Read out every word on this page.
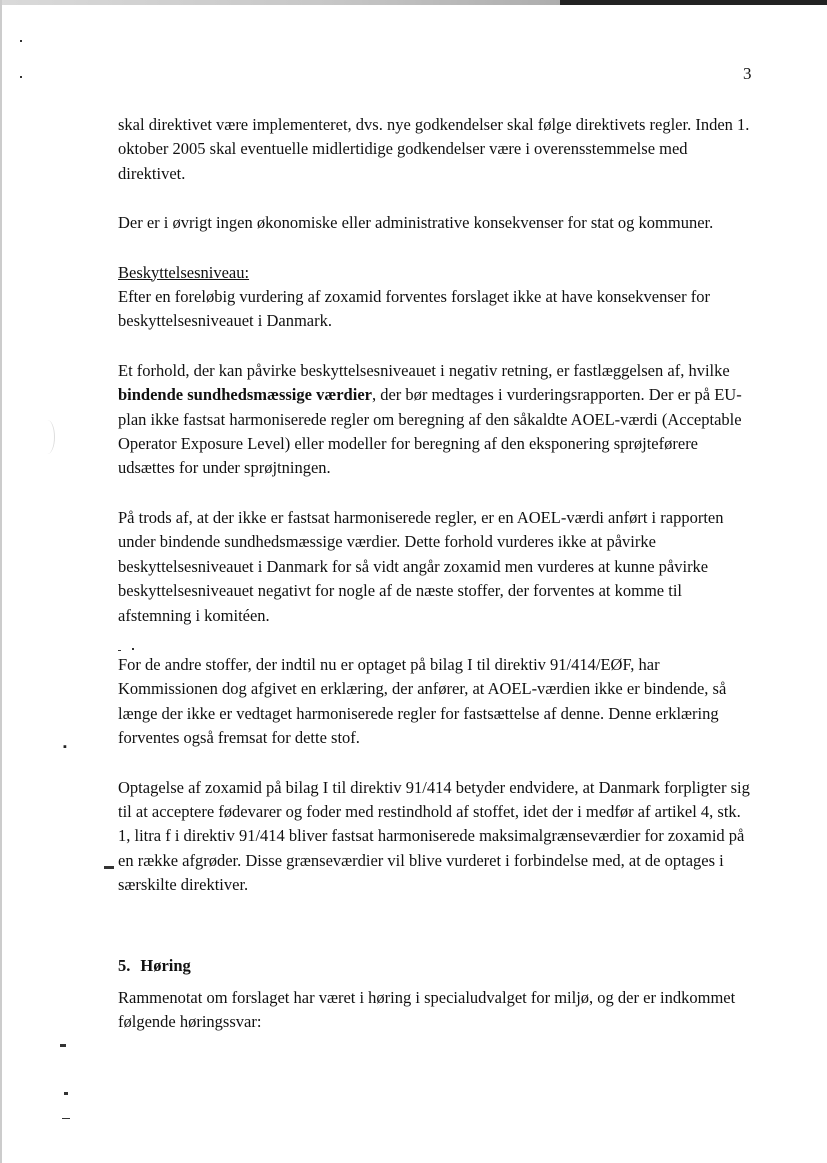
▪
3

skal direktivet være implementeret, dvs. nye godkendelser skal følge direktivets regler. Inden 1. oktober 2005 skal eventuelle midlertidige godkendelser være i overensstemmelse med direktivet.

Der er i øvrigt ingen økonomiske eller administrative konsekvenser for stat og kommuner.

Beskyttelsesniveau:

Efter en foreløbig vurdering af zoxamid forventes forslaget ikke at have konsekvenser for beskyttelsesniveauet i Danmark.

Et forhold, der kan påvirke beskyttelsesniveauet i negativ retning, er fastlæggelsen af, hvilke bindende sundhedsmæssige værdier, der bør medtages i vurderingsrapporten. Der er på EU-plan ikke fastsat harmoniserede regler om beregning af den såkaldte AOEL-værdi (Acceptable Operator Exposure Level) eller modeller for beregning af den eksponering sprøjteførere udsættes for under sprøjtningen.

På trods af, at der ikke er fastsat harmoniserede regler, er en AOEL-værdi anført i rapporten under bindende sundhedsmæssige værdier. Dette forhold vurderes ikke at påvirke beskyttelsesniveauet i Danmark for så vidt angår zoxamid men vurderes at kunne påvirke beskyttelsesniveauet negativt for nogle af de næste stoffer, der forventes at komme til afstemning i komitéen.

For de andre stoffer, der indtil nu er optaget på bilag I til direktiv 91/414/EØF, har Kommissionen dog afgivet en erklæring, der anfører, at AOEL-værdien ikke er bindende, så længe der ikke er vedtaget harmoniserede regler for fastsættelse af denne. Denne erklæring forventes også fremsat for dette stof.

Optagelse af zoxamid på bilag I til direktiv 91/414 betyder endvidere, at Danmark forpligter sig til at acceptere fødevarer og foder med restindhold af stoffet, idet der i medfør af artikel 4, stk. 1, litra f i direktiv 91/414 bliver fastsat harmoniserede maksimalgrænseværdier for zoxamid på en række afgrøder. Disse grænseværdier vil blive vurderet i forbindelse med, at de optages i særskilte direktiver.

5. Høring

Rammenotat om forslaget har været i høring i specialudvalget for miljø, og der er indkommet følgende høringssvar:
